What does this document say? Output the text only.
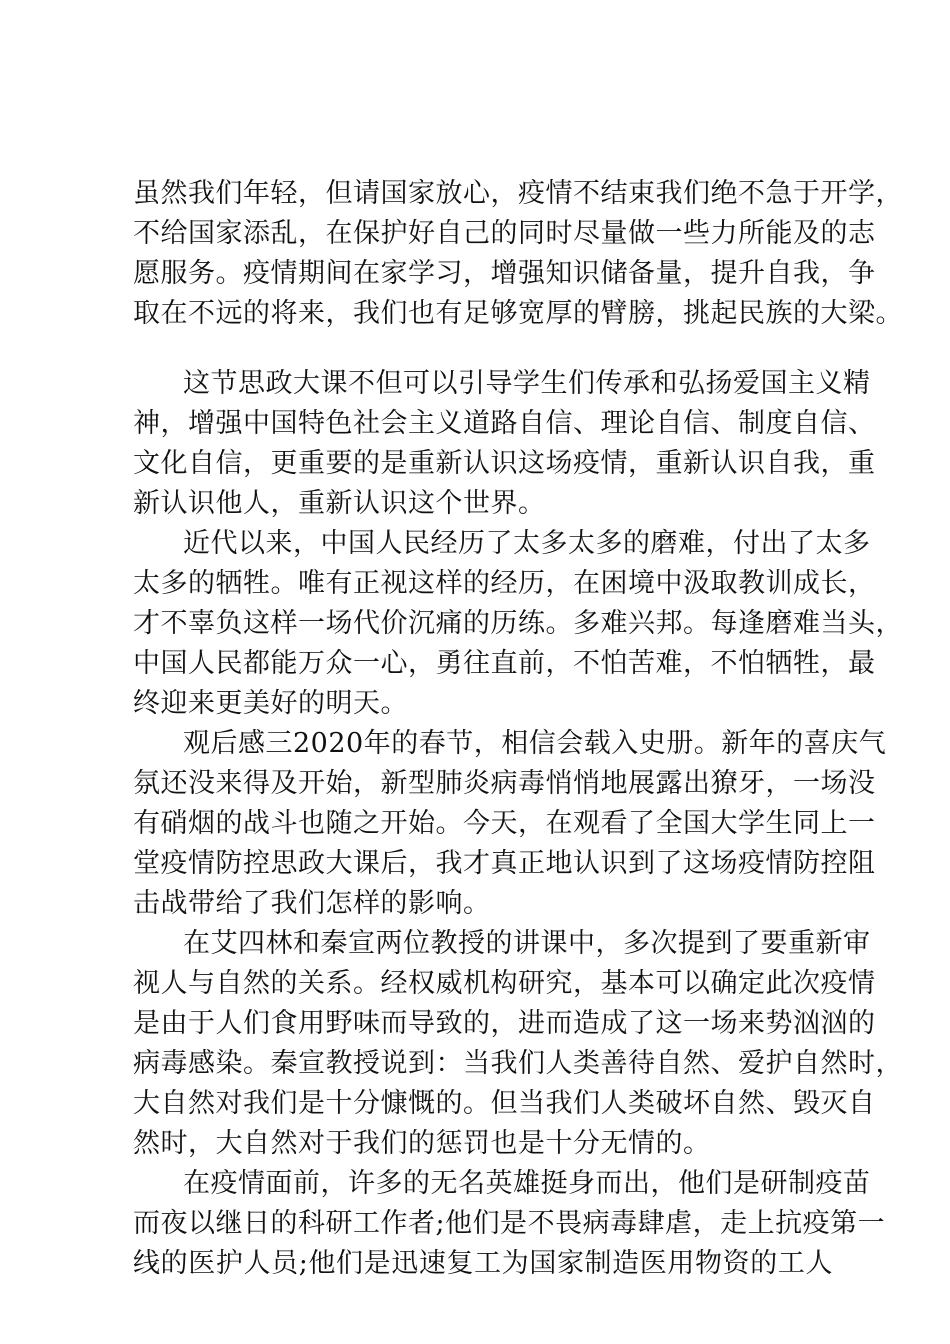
虽然我们年轻，但请国家放心，疫情不结束我们绝不急于开学，
不给国家添乱，在保护好自己的同时尽量做一些力所能及的志
愿服务。疫情期间在家学习，增强知识储备量，提升自我，争
取在不远的将来，我们也有足够宽厚的臂膀，挑起民族的大梁。
这节思政大课不但可以引导学生们传承和弘扬爱国主义精
神，增强中国特色社会主义道路自信、理论自信、制度自信、
文化自信，更重要的是重新认识这场疫情，重新认识自我，重
新认识他人，重新认识这个世界。
近代以来，中国人民经历了太多太多的磨难，付出了太多
太多的牺牲。唯有正视这样的经历，在困境中汲取教训成长，
才不辜负这样一场代价沉痛的历练。多难兴邦。每逢磨难当头，
中国人民都能万众一心，勇往直前，不怕苦难，不怕牺牲，最
终迎来更美好的明天。
观后感三2020年的春节，相信会载入史册。新年的喜庆气
氛还没来得及开始，新型肺炎病毒悄悄地展露出獠牙，一场没
有硝烟的战斗也随之开始。今天，在观看了全国大学生同上一
堂疫情防控思政大课后，我才真正地认识到了这场疫情防控阻
击战带给了我们怎样的影响。
在艾四林和秦宣两位教授的讲课中，多次提到了要重新审
视人与自然的关系。经权威机构研究，基本可以确定此次疫情
是由于人们食用野味而导致的，进而造成了这一场来势汹汹的
病毒感染。秦宣教授说到：当我们人类善待自然、爱护自然时，
大自然对我们是十分慷慨的。但当我们人类破坏自然、毁灭自
然时，大自然对于我们的惩罚也是十分无情的。
在疫情面前，许多的无名英雄挺身而出，他们是研制疫苗
而夜以继日的科研工作者;他们是不畏病毒肆虐，走上抗疫第一
线的医护人员;他们是迅速复工为国家制造医用物资的工人
